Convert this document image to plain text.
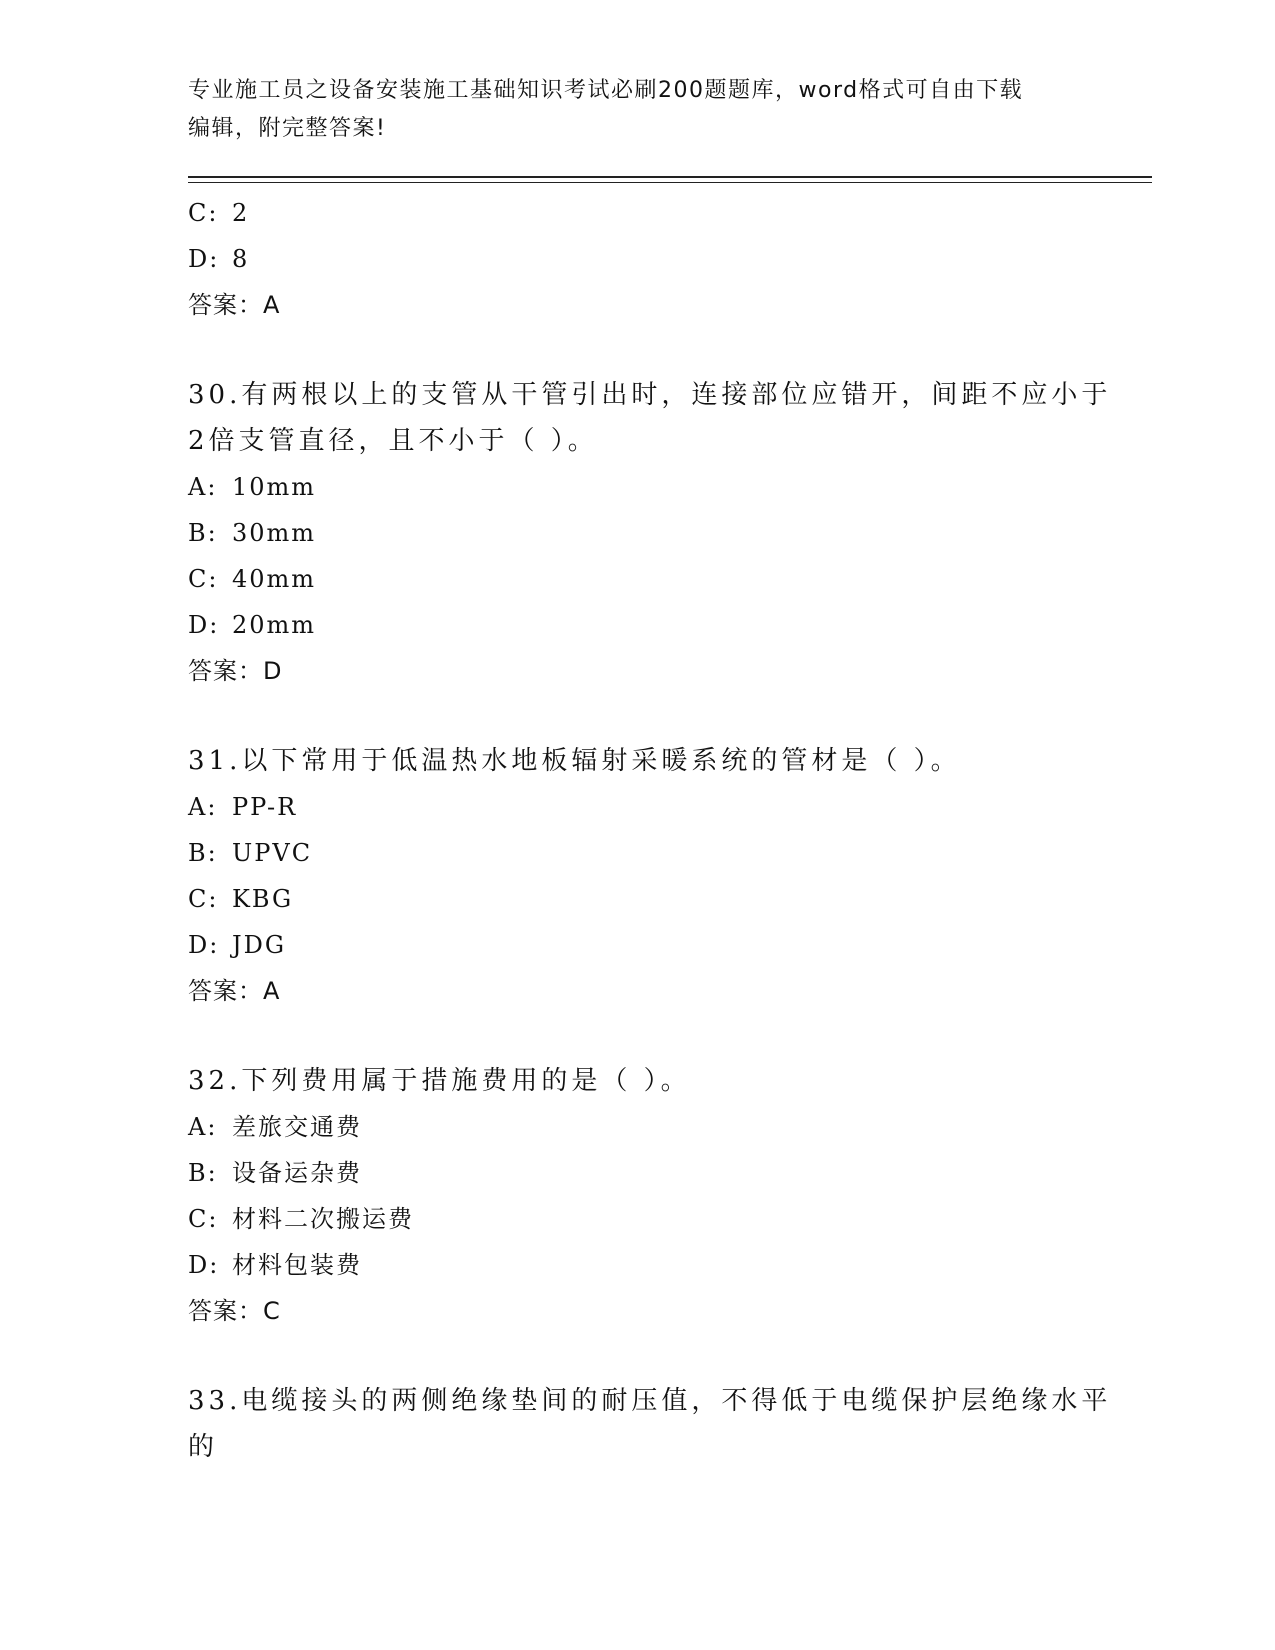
专业施工员之设备安装施工基础知识考试必刷200题题库，word格式可自由下载
编辑，附完整答案!
C: 2
D: 8
答案：A
30.有两根以上的支管从干管引出时，连接部位应错开，间距不应小于
2倍支管直径，且不小于（ ）。
A: 10mm
B: 30mm
C: 40mm
D: 20mm
答案：D
31.以下常用于低温热水地板辐射采暖系统的管材是（ ）。
A: PP-R
B: UPVC
C: KBG
D: JDG
答案：A
32.下列费用属于措施费用的是（ ）。
A: 差旅交通费
B: 设备运杂费
C: 材料二次搬运费
D: 材料包装费
答案：C
33.电缆接头的两侧绝缘垫间的耐压值，不得低于电缆保护层绝缘水平
的
